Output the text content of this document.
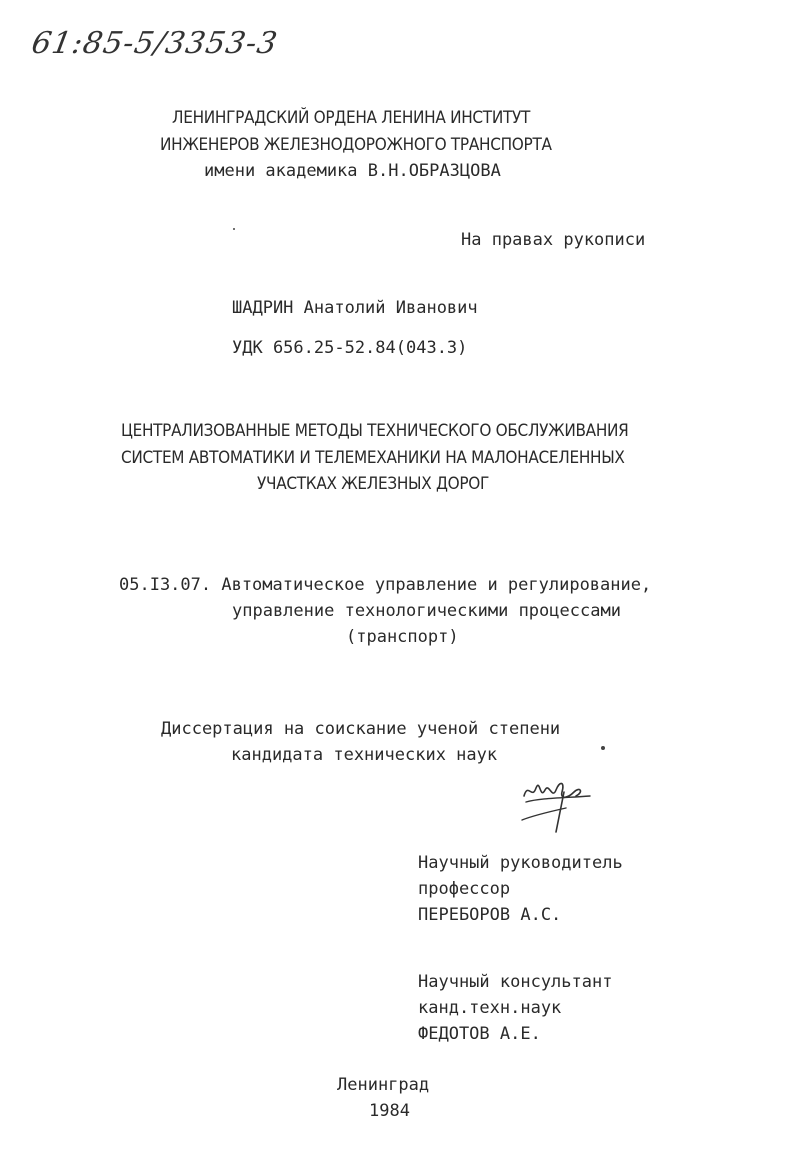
61:85-5/3353-3
ЛЕНИНГРАДСКИЙ ОРДЕНА ЛЕНИНА ИНСТИТУТ
ИНЖЕНЕРОВ ЖЕЛЕЗНОДОРОЖНОГО ТРАНСПОРТА
имени академика В.Н.ОБРАЗЦОВА
На правах рукописи
ШАДРИН Анатолий Иванович
УДК 656.25-52.84(043.3)
ЦЕНТРАЛИЗОВАННЫЕ МЕТОДЫ ТЕХНИЧЕСКОГО ОБСЛУЖИВАНИЯ
СИСТЕМ АВТОМАТИКИ И ТЕЛЕМЕХАНИКИ НА МАЛОНАСЕЛЕННЫХ
УЧАСТКАХ ЖЕЛЕЗНЫХ ДОРОГ
05.I3.07. Автоматическое управление и регулирование,
управление технологическими процессами
(транспорт)
Диссертация на соискание ученой степени
кандидата технических наук
Научный руководитель
профессор
ПЕРЕБОРОВ А.С.
Научный консультант
канд.техн.наук
ФЕДОТОВ А.Е.
Ленинград
1984
